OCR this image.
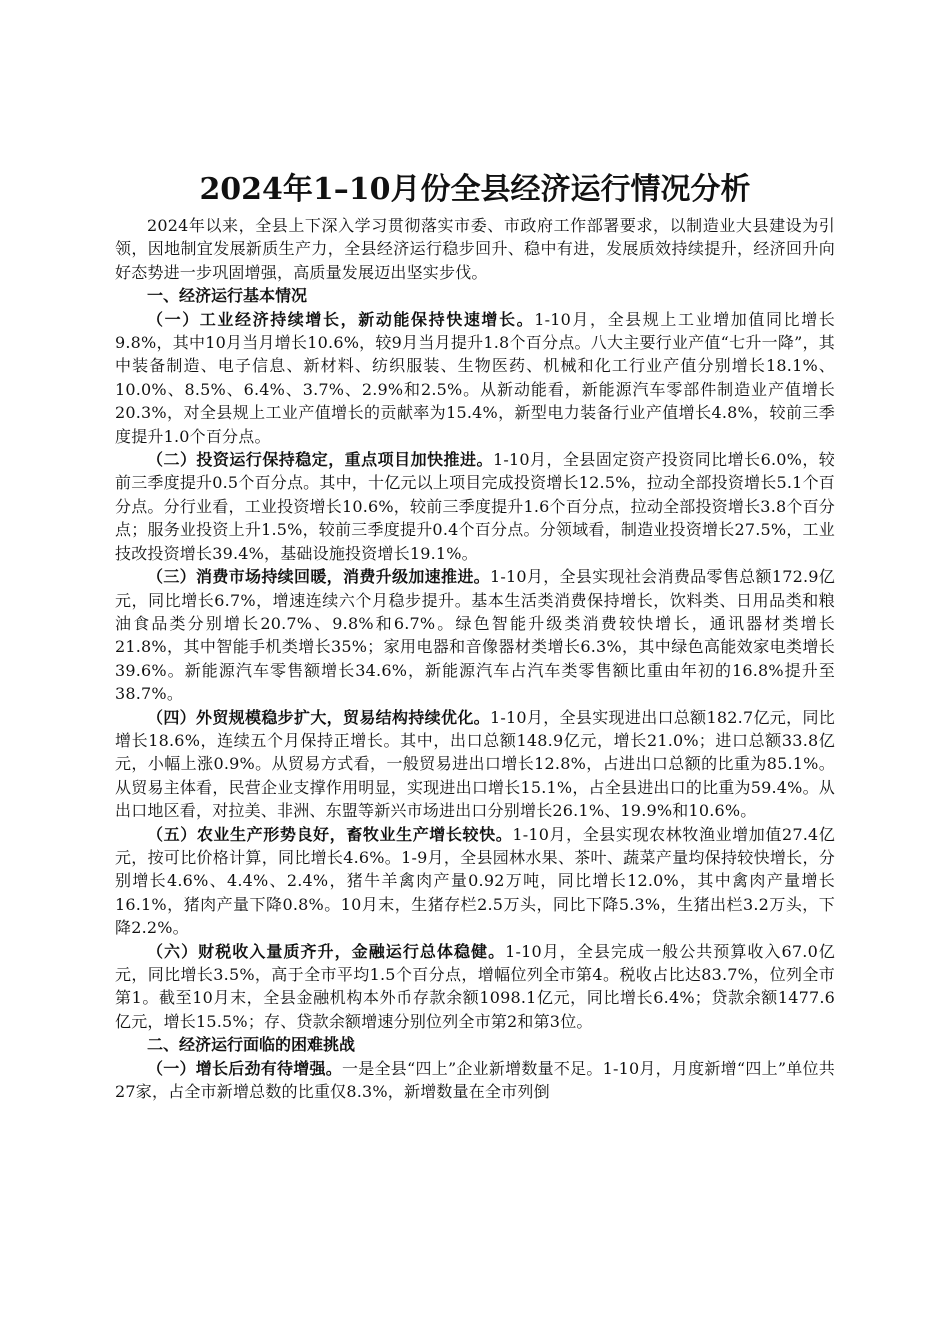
2024年1–10月份全县经济运行情况分析

2024年以来，全县上下深入学习贯彻落实市委、市政府工作部署要求，以制造业大县建设为引领，因地制宜发展新质生产力，全县经济运行稳步回升、稳中有进，发展质效持续提升，经济回升向好态势进一步巩固增强，高质量发展迈出坚实步伐。

一、经济运行基本情况

（一）工业经济持续增长，新动能保持快速增长。1-10月，全县规上工业增加值同比增长9.8%，其中10月当月增长10.6%，较9月当月提升1.8个百分点。八大主要行业产值“七升一降”，其中装备制造、电子信息、新材料、纺织服装、生物医药、机械和化工行业产值分别增长18.1%、10.0%、8.5%、6.4%、3.7%、2.9%和2.5%。从新动能看，新能源汽车零部件制造业产值增长20.3%，对全县规上工业产值增长的贡献率为15.4%，新型电力装备行业产值增长4.8%，较前三季度提升1.0个百分点。

（二）投资运行保持稳定，重点项目加快推进。1-10月，全县固定资产投资同比增长6.0%，较前三季度提升0.5个百分点。其中，十亿元以上项目完成投资增长12.5%，拉动全部投资增长5.1个百分点。分行业看，工业投资增长10.6%，较前三季度提升1.6个百分点，拉动全部投资增长3.8个百分点；服务业投资上升1.5%，较前三季度提升0.4个百分点。分领域看，制造业投资增长27.5%，工业技改投资增长39.4%，基础设施投资增长19.1%。

（三）消费市场持续回暖，消费升级加速推进。1-10月，全县实现社会消费品零售总额172.9亿元，同比增长6.7%，增速连续六个月稳步提升。基本生活类消费保持增长，饮料类、日用品类和粮油食品类分别增长20.7%、9.8%和6.7%。绿色智能升级类消费较快增长，通讯器材类增长21.8%，其中智能手机类增长35%；家用电器和音像器材类增长6.3%，其中绿色高能效家电类增长39.6%。新能源汽车零售额增长34.6%，新能源汽车占汽车类零售额比重由年初的16.8%提升至38.7%。

（四）外贸规模稳步扩大，贸易结构持续优化。1-10月，全县实现进出口总额182.7亿元，同比增长18.6%，连续五个月保持正增长。其中，出口总额148.9亿元，增长21.0%；进口总额33.8亿元，小幅上涨0.9%。从贸易方式看，一般贸易进出口增长12.8%，占进出口总额的比重为85.1%。从贸易主体看，民营企业支撑作用明显，实现进出口增长15.1%，占全县进出口的比重为59.4%。从出口地区看，对拉美、非洲、东盟等新兴市场进出口分别增长26.1%、19.9%和10.6%。

（五）农业生产形势良好，畜牧业生产增长较快。1-10月，全县实现农林牧渔业增加值27.4亿元，按可比价格计算，同比增长4.6%。1-9月，全县园林水果、茶叶、蔬菜产量均保持较快增长，分别增长4.6%、4.4%、2.4%，猪牛羊禽肉产量0.92万吨，同比增长12.0%，其中禽肉产量增长16.1%，猪肉产量下降0.8%。10月末，生猪存栏2.5万头，同比下降5.3%，生猪出栏3.2万头，下降2.2%。

（六）财税收入量质齐升，金融运行总体稳健。1-10月，全县完成一般公共预算收入67.0亿元，同比增长3.5%，高于全市平均1.5个百分点，增幅位列全市第4。税收占比达83.7%，位列全市第1。截至10月末，全县金融机构本外币存款余额1098.1亿元，同比增长6.4%；贷款余额1477.6亿元，增长15.5%；存、贷款余额增速分别位列全市第2和第3位。

二、经济运行面临的困难挑战

（一）增长后劲有待增强。一是全县“四上”企业新增数量不足。1-10月，月度新增“四上”单位共27家，占全市新增总数的比重仅8.3%，新增数量在全市列倒
